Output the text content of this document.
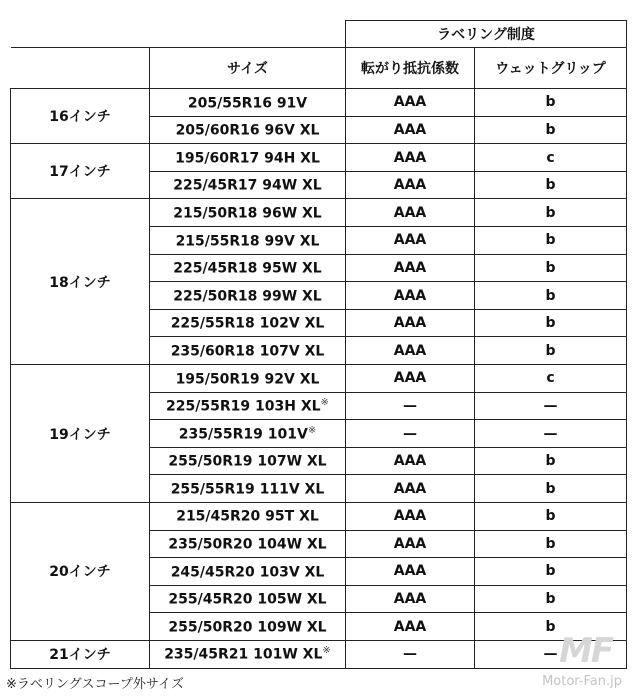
		ラベリング制度	
	サイズ	転がり抵抗係数	ウェットグリップ
16インチ	205/55R16 91V	AAA	b
	205/60R16 96V XL	AAA	b
17インチ	195/60R17 94H XL	AAA	c
	225/45R17 94W XL	AAA	b
18インチ	215/50R18 96W XL	AAA	b
	215/55R18 99V XL	AAA	b
	225/45R18 95W XL	AAA	b
	225/50R18 99W XL	AAA	b
	225/55R18 102V XL	AAA	b
	235/60R18 107V XL	AAA	b
19インチ	195/50R19 92V XL	AAA	c
	225/55R19 103H XL※	—	—
	235/55R19 101V※	—	—
	255/50R19 107W XL	AAA	b
	255/55R19 111V XL	AAA	b
20インチ	215/45R20 95T XL	AAA	b
	235/50R20 104W XL	AAA	b
	245/45R20 103V XL	AAA	b
	255/45R20 105W XL	AAA	b
	255/50R20 109W XL	AAA	b
21インチ	235/45R21 101W XL※	—	—
※ラベリングスコープ外サイズ
MF
Motor-Fan.jp
